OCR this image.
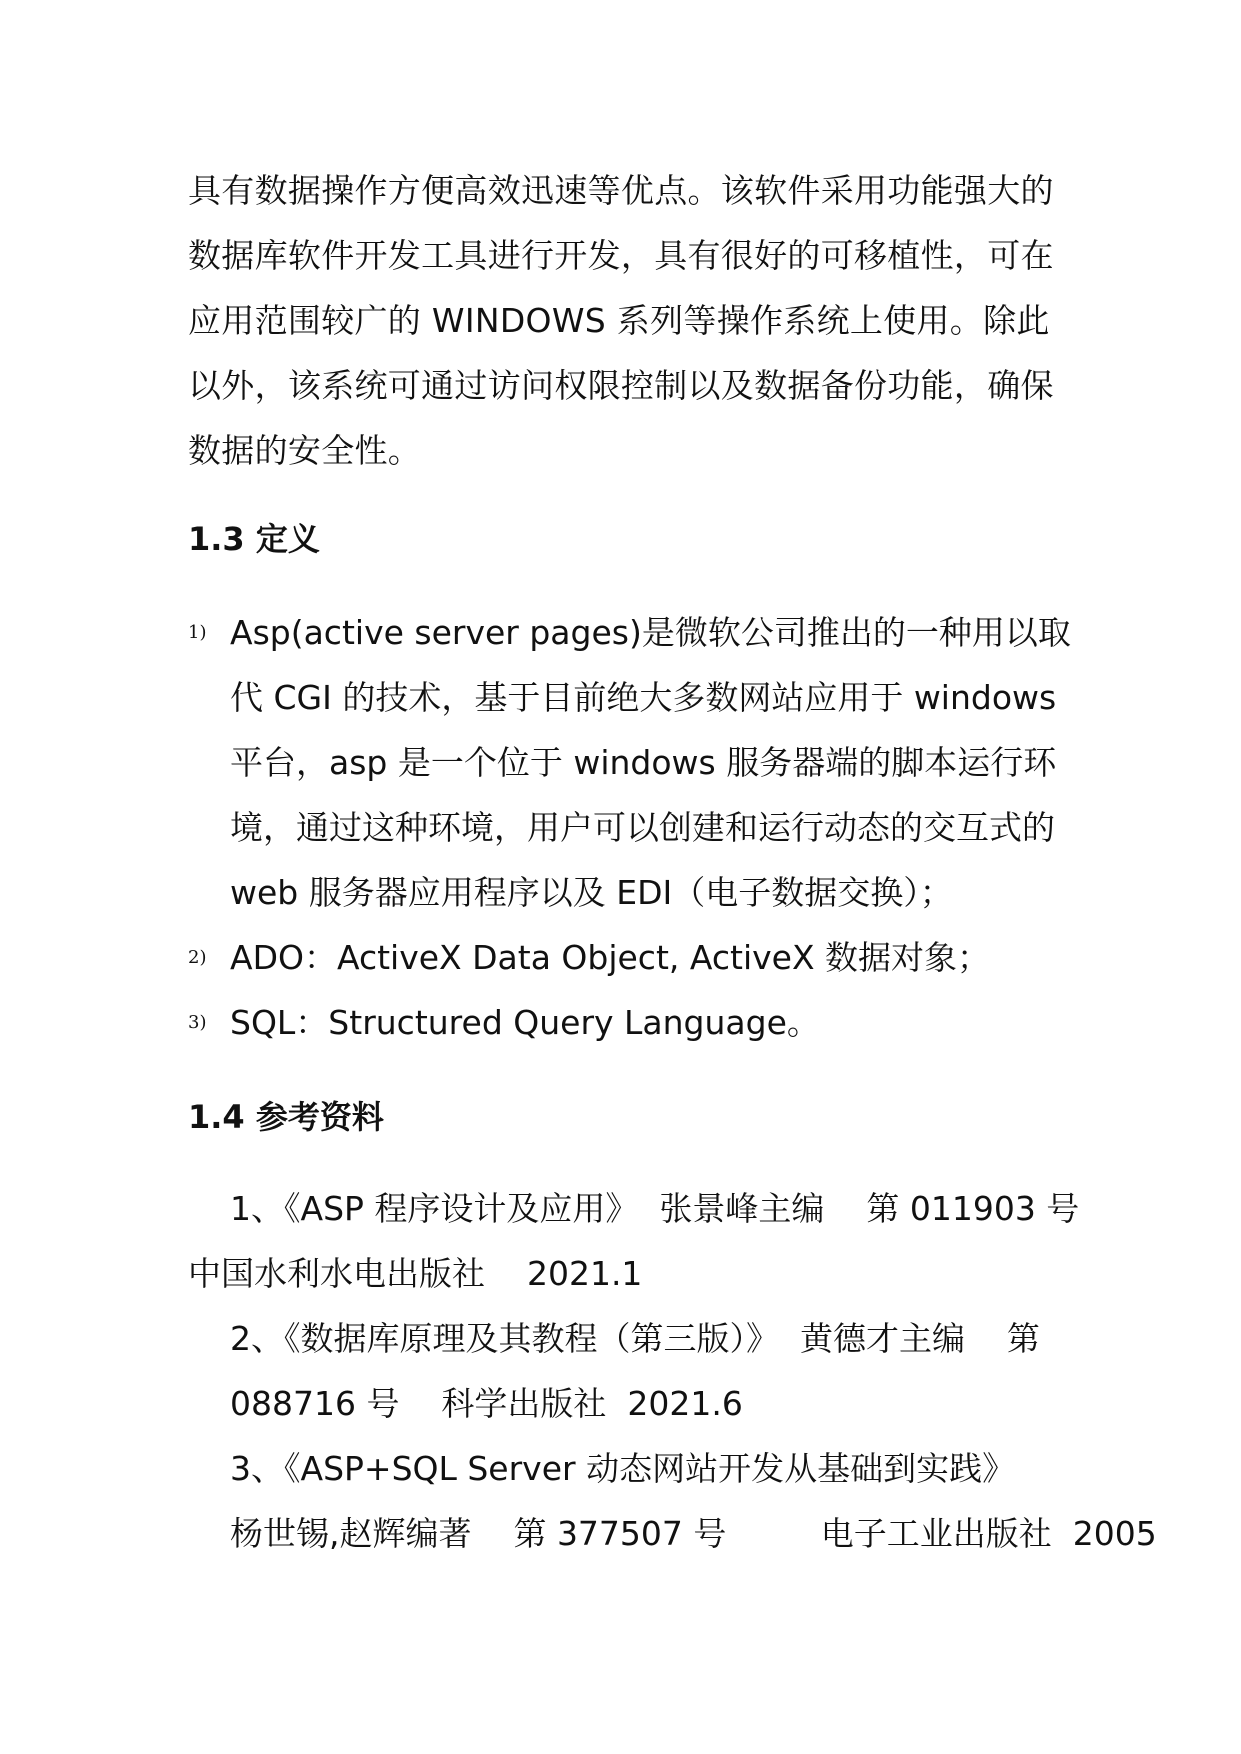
具有数据操作方便高效迅速等优点。该软件采用功能强大的
数据库软件开发工具进行开发，具有很好的可移植性，可在
应用范围较广的 WINDOWS 系列等操作系统上使用。除此
以外，该系统可通过访问权限控制以及数据备份功能，确保
数据的安全性。
1.3 定义
1) Asp(active server pages)是微软公司推出的一种用以取
代 CGI 的技术，基于目前绝大多数网站应用于 windows
平台，asp 是一个位于 windows 服务器端的脚本运行环
境，通过这种环境，用户可以创建和运行动态的交互式的
web 服务器应用程序以及 EDI（电子数据交换）；
2) ADO：ActiveX Data Object, ActiveX 数据对象；
3) SQL：Structured Query Language。
1.4 参考资料
1、《ASP 程序设计及应用》  张景峰主编    第 011903 号
中国水利水电出版社    2021.1
2、《数据库原理及其教程（第三版）》  黄德才主编    第
088716 号    科学出版社  2021.6
3、《ASP+SQL Server 动态网站开发从基础到实践》
杨世锡,赵辉编著    第 377507 号         电子工业出版社  2005
